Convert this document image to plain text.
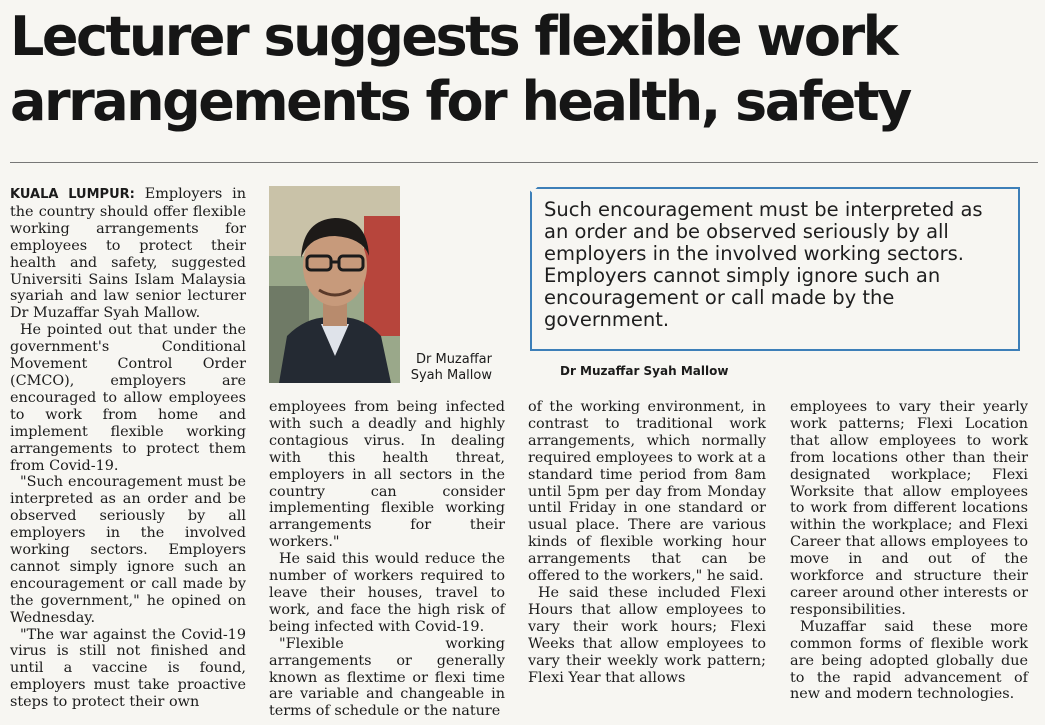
Lecturer suggests flexible work arrangements for health, safety

KUALA LUMPUR: Employers in the country should offer flexible working arrangements for employees to protect their health and safety, suggested Universiti Sains Islam Malaysia syariah and law senior lecturer Dr Muzaffar Syah Mallow.

He pointed out that under the government's Conditional Movement Control Order (CMCO), employers are encouraged to allow employees to work from home and implement flexible working arrangements to protect them from Covid-19.

"Such encouragement must be interpreted as an order and be observed seriously by all employers in the involved working sectors. Employers cannot simply ignore such an encouragement or call made by the government," he opined on Wednesday.

"The war against the Covid-19 virus is still not finished and until a vaccine is found, employers must take proactive steps to protect their own

Dr Muzaffar Syah Mallow
Such encouragement must be interpreted as an order and be observed seriously by all employers in the involved working sectors. Employers cannot simply ignore such an encouragement or call made by the government.
Dr Muzaffar Syah Mallow

employees from being infected with such a deadly and highly contagious virus. In dealing with this health threat, employers in all sectors in the country can consider implementing flexible working arrangements for their workers."

He said this would reduce the number of workers required to leave their houses, travel to work, and face the high risk of being infected with Covid-19.

"Flexible working arrangements or generally known as flextime or flexi time are variable and changeable in terms of schedule or the nature

of the working environment, in contrast to traditional work arrangements, which normally required employees to work at a standard time period from 8am until 5pm per day from Monday until Friday in one standard or usual place. There are various kinds of flexible working hour arrangements that can be offered to the workers," he said.

He said these included Flexi Hours that allow employees to vary their work hours; Flexi Weeks that allow employees to vary their weekly work pattern; Flexi Year that allows

employees to vary their yearly work patterns; Flexi Location that allow employees to work from locations other than their designated workplace; Flexi Worksite that allow employees to work from different locations within the workplace; and Flexi Career that allows employees to move in and out of the workforce and structure their career around other interests or responsibilities.

Muzaffar said these more common forms of flexible work are being adopted globally due to the rapid advancement of new and modern technologies.
